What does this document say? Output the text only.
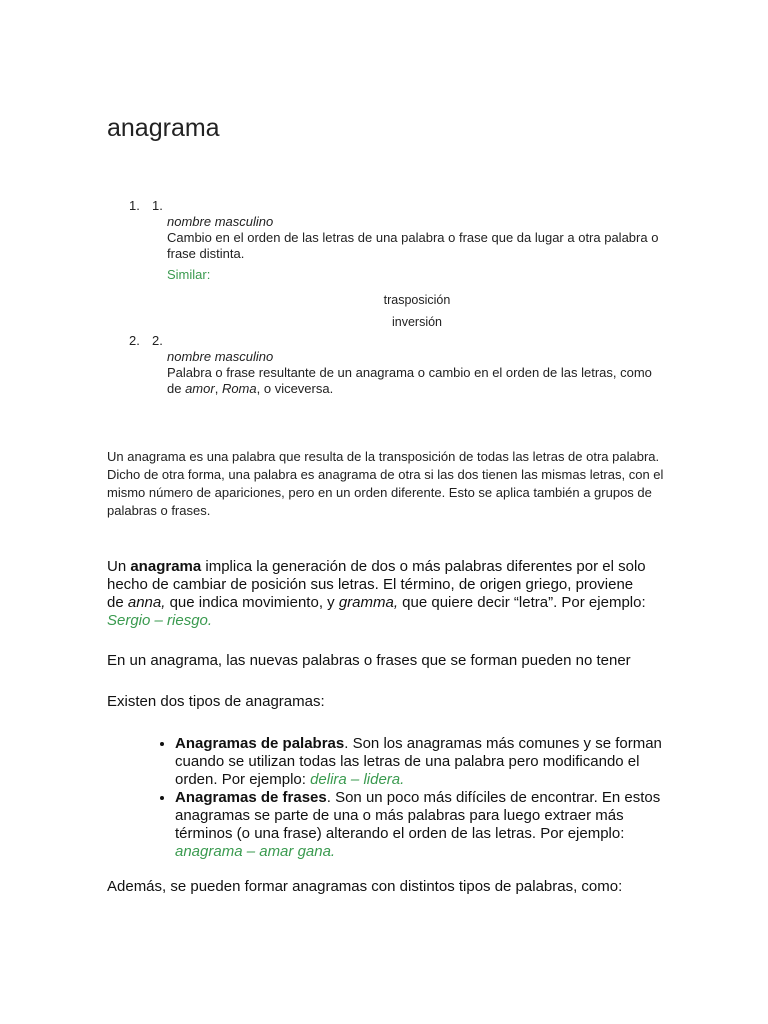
anagrama
1. 1.
nombre masculino
Cambio en el orden de las letras de una palabra o frase que da lugar a otra palabra o frase distinta.
Similar:
trasposición
inversión
2. 2.
nombre masculino
Palabra o frase resultante de un anagrama o cambio en el orden de las letras, como de amor, Roma, o viceversa.

Un anagrama es una palabra que resulta de la transposición de todas las letras de otra palabra. Dicho de otra forma, una palabra es anagrama de otra si las dos tienen las mismas letras, con el mismo número de apariciones, pero en un orden diferente. Esto se aplica también a grupos de palabras o frases.

Un anagrama implica la generación de dos o más palabras diferentes por el solo hecho de cambiar de posición sus letras. El término, de origen griego, proviene de anna, que indica movimiento, y gramma, que quiere decir “letra”. Por ejemplo: Sergio – riesgo.

En un anagrama, las nuevas palabras o frases que se forman pueden no tener

Existen dos tipos de anagramas:

• Anagramas de palabras. Son los anagramas más comunes y se forman cuando se utilizan todas las letras de una palabra pero modificando el orden. Por ejemplo: delira – lidera.
• Anagramas de frases. Son un poco más difíciles de encontrar. En estos anagramas se parte de una o más palabras para luego extraer más términos (o una frase) alterando el orden de las letras. Por ejemplo: anagrama – amar gana.

Además, se pueden formar anagramas con distintos tipos de palabras, como:
